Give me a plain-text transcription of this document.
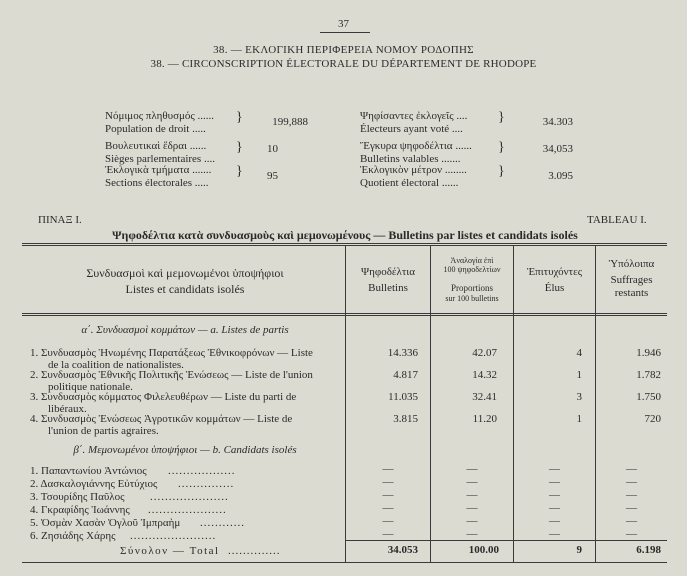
37
38. — ΕΚΛΟΓΙΚΗ ΠΕΡΙΦΕΡΕΙΑ ΝΟΜΟΥ ΡΟΔΟΠΗΣ
38. — CIRCONSCRIPTION ÉLECTORALE DU DÉPARTEMENT DE RHODOPE
Νόμιμος πληθυσμός ......
Population de droit .....
}	199,888
Βουλευτικαὶ ἕδραι ......
Sièges parlementaires ....
}	10
Ἐκλογικὰ τμήματα .......
Sections électorales .....
}	95
Ψηφίσαντες ἐκλογεῖς ....
Électeurs ayant voté ....
}	34.303
Ἔγκυρα ψηφοδέλτια ......
Bulletins valables .......
}	34,053
Ἐκλογικὸν μέτρον ........
Quotient électoral ......
}	3.095
ΠΙΝΑΞ I.	TABLEAU I.
Ψηφοδέλτια κατὰ συνδυασμοὺς καὶ μεμονωμένους — Bulletins par listes et candidats isolés
Συνδυασμοὶ καὶ μεμονωμένοι ὑποψήφιοι
Listes et candidats isolés
Ψηφοδέλτια
Bulletins
Ἀναλογία ἐπὶ
100 ψηφοδελτίων
Proportions
sur 100 bulletins
Ἐπιτυχόντες
Élus
Ὑπόλοιπα
Suffrages
restants
α΄. Συνδυασμοὶ κομμάτων — a. Listes de partis
1. Συνδυασμὸς Ἡνωμένης Παρατάξεως Ἐθνικοφρόνων — Liste
de la coalition de nationalistes.
14.336	42.07	4	1.946
2. Συνδυασμὸς Ἑθνικῆς Πολιτικῆς Ἑνώσεως — Liste de l'union
politique nationale.
4.817	14.32	1	1.782
3. Συνδυασμὸς κόμματος Φιλελευθέρων — Liste du parti de
libéraux.
11.035	32.41	3	1.750
4. Συνδυασμὸς Ἑνώσεως Ἀγροτικῶν κομμάτων — Liste de
l'union de partis agraires.
3.815	11.20	1	720
β΄. Μεμονωμένοι ὑποψήφιοι — b. Candidats isolés
1. Παπαντωνίου Ἀντώνιος ..................	—	—	—	—
2. Δασκαλογιάννης Εὐτύχιος ...............	—	—	—	—
3. Τσουρίδης Παῦλος .....................	—	—	—	—
4. Γκραφίδης Ἰωάννης .....................	—	—	—	—
5. Ὀσμὰν Χασὰν Ὀγλοῦ Ἰμπραὴμ ............	—	—	—	—
6. Ζησιάδης Χάρης .......................	—	—	—	—
Σύνολον — Total ..............	34.053	100.00	9	6.198
